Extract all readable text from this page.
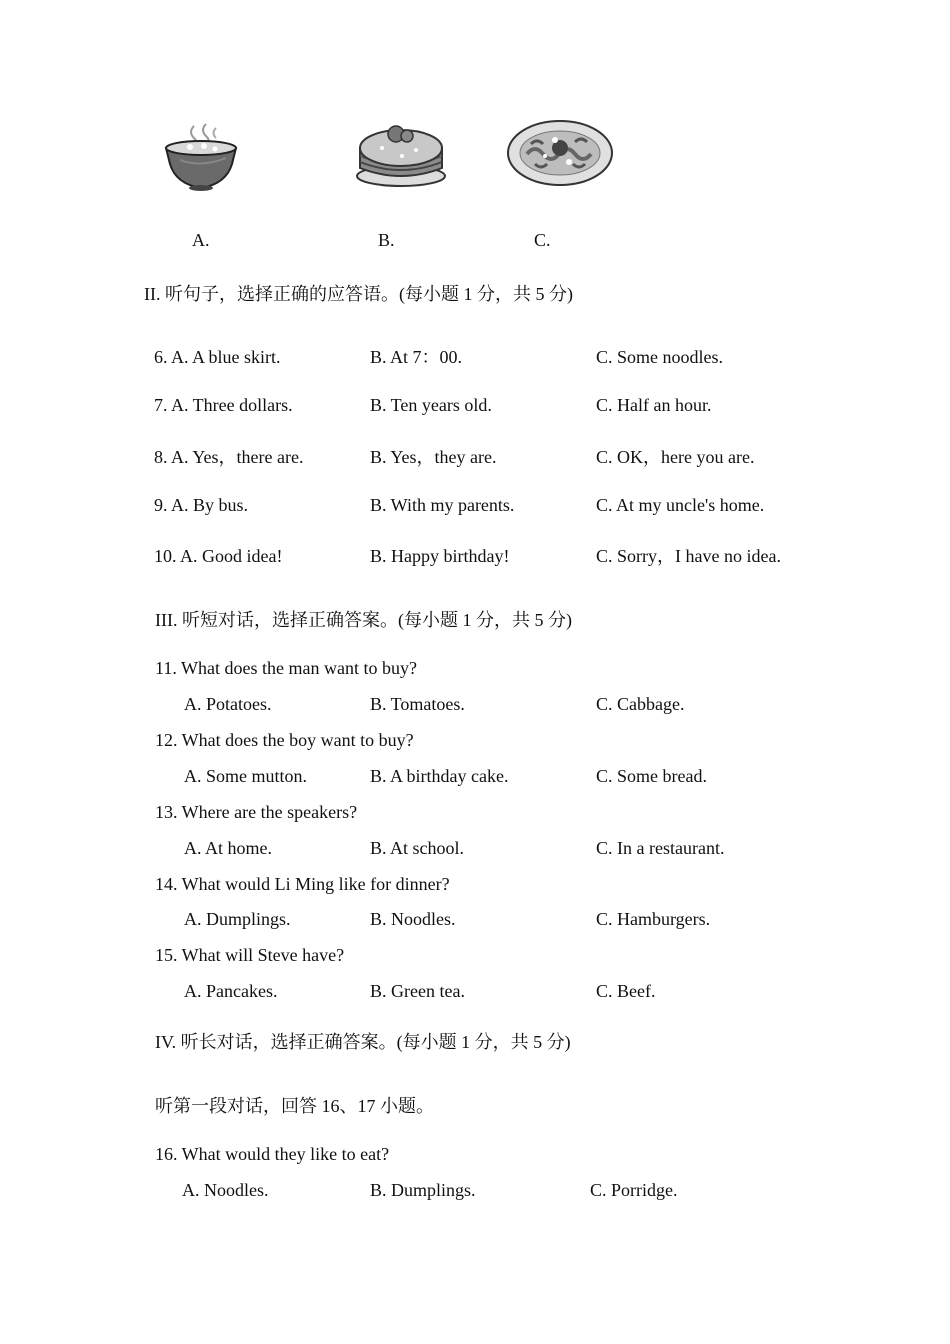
A.	B.	C.
II. 听句子，选择正确的应答语。(每小题 1 分，共 5 分)
6. A. A blue skirt.	B. At 7：00.	C. Some noodles.
7. A. Three dollars.	B. Ten years old.	C. Half an hour.
8. A. Yes，there are.	B. Yes，they are.	C. OK，here you are.
9. A. By bus.	B. With my parents.	C. At my uncle's home.
10. A. Good idea!	B. Happy birthday!	C. Sorry，I have no idea.
III. 听短对话，选择正确答案。(每小题 1 分，共 5 分)
11. What does the man want to buy?
A. Potatoes.	B. Tomatoes.	C. Cabbage.
12. What does the boy want to buy?
A. Some mutton.	B. A birthday cake.	C. Some bread.
13. Where are the speakers?
A. At home.	B. At school.	C. In a restaurant.
14. What would Li Ming like for dinner?
A. Dumplings.	B. Noodles.	C. Hamburgers.
15. What will Steve have?
A. Pancakes.	B. Green tea.	C. Beef.
IV. 听长对话，选择正确答案。(每小题 1 分，共 5 分)
听第一段对话，回答 16、17 小题。
16. What would they like to eat?
A. Noodles.	B. Dumplings.	C. Porridge.
